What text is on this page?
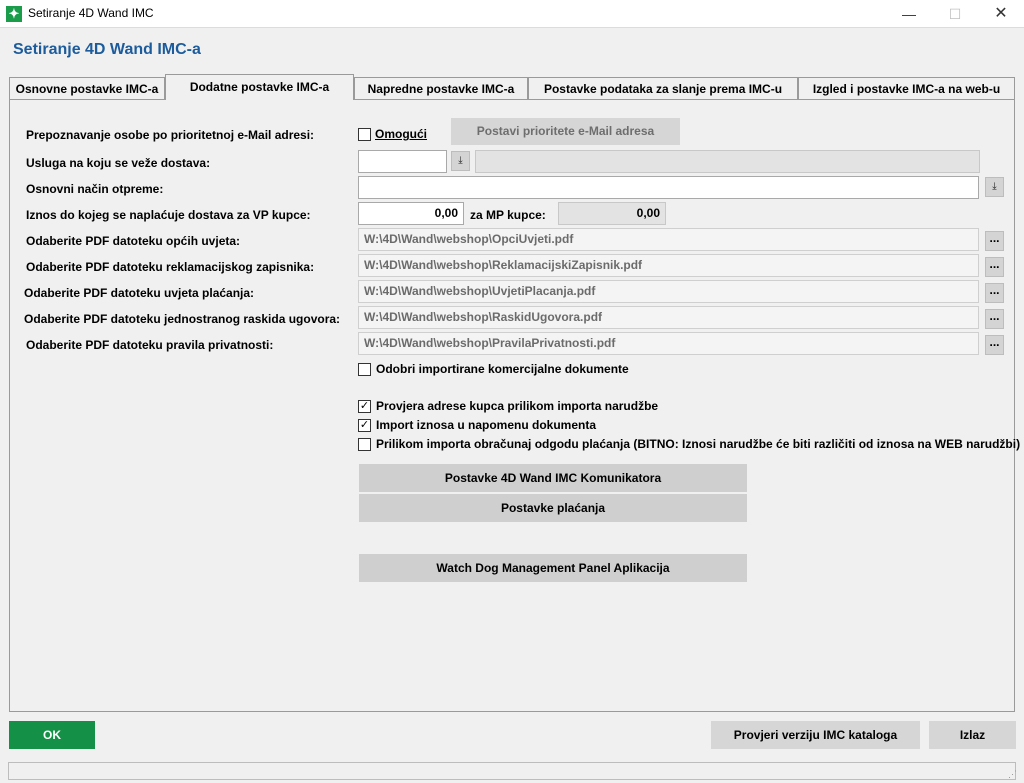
✦ Setiranje 4D Wand IMC	—	☐	✕
Setiranje 4D Wand IMC-a
Osnovne postavke IMC-a	Dodatne postavke IMC-a	Napredne postavke IMC-a	Postavke podataka za slanje prema IMC-u	Izgled i postavke IMC-a na web-u
Prepoznavanje osobe po prioritetnoj e-Mail adresi:	Omogući	Postavi prioritete e-Mail adresa
Usluga na koju se veže dostava:	⤓
Osnovni način otpreme:	⤓
Iznos do kojeg se naplaćuje dostava za VP kupce:	0,00	za MP kupce:	0,00
Odaberite PDF datoteku općih uvjeta:	W:\4D\Wand\webshop\OpciUvjeti.pdf	...
Odaberite PDF datoteku reklamacijskog zapisnika:	W:\4D\Wand\webshop\ReklamacijskiZapisnik.pdf	...
Odaberite PDF datoteku uvjeta plaćanja:	W:\4D\Wand\webshop\UvjetiPlacanja.pdf	...
Odaberite PDF datoteku jednostranog raskida ugovora:	W:\4D\Wand\webshop\RaskidUgovora.pdf	...
Odaberite PDF datoteku pravila privatnosti:	W:\4D\Wand\webshop\PravilaPrivatnosti.pdf	...
Odobri importirane komercijalne dokumente
✓ Provjera adrese kupca prilikom importa narudžbe
✓ Import iznosa u napomenu dokumenta
Prilikom importa obračunaj odgodu plaćanja (BITNO: Iznosi narudžbe će biti različiti od iznosa na WEB narudžbi)
Postavke 4D Wand IMC Komunikatora
Postavke plaćanja
Watch Dog Management Panel Aplikacija
OK	Provjeri verziju IMC kataloga	Izlaz
⋰
